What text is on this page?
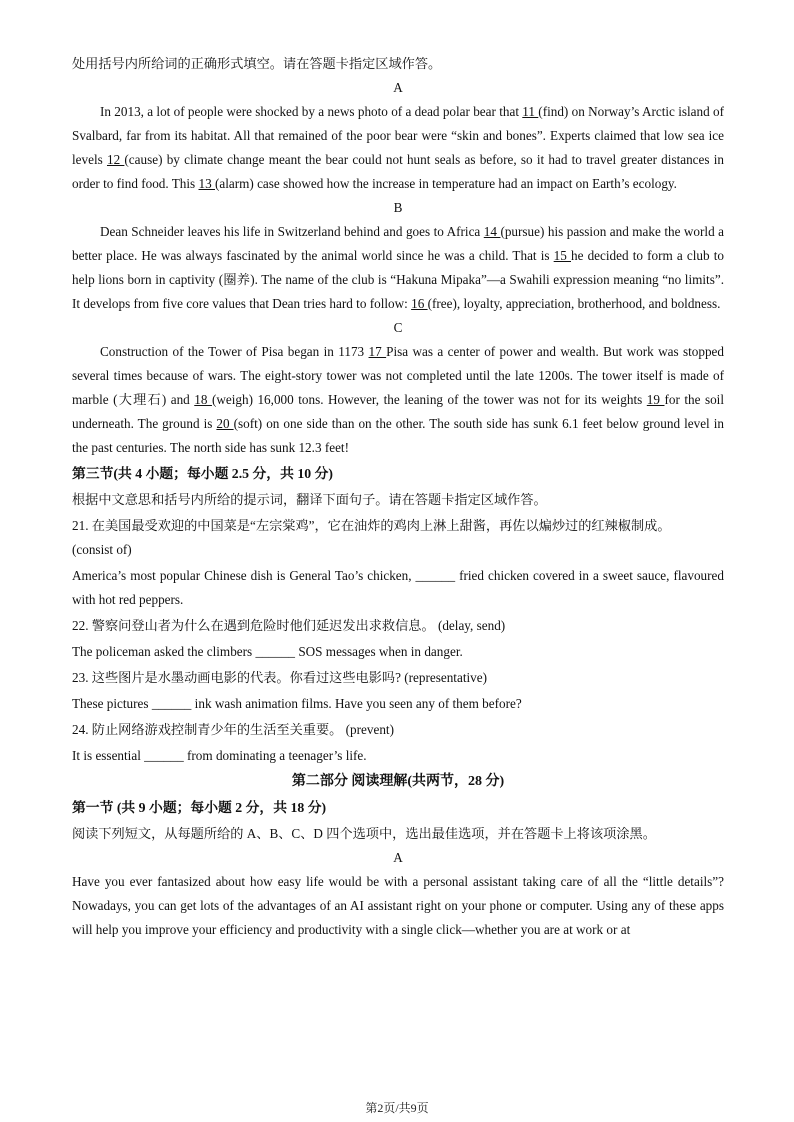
处用括号内所给词的正确形式填空。请在答题卡指定区域作答。

A

In 2013, a lot of people were shocked by a news photo of a dead polar bear that 11 (find) on Norway’s Arctic island of Svalbard, far from its habitat. All that remained of the poor bear were “skin and bones”. Experts claimed that low sea ice levels 12 (cause) by climate change meant the bear could not hunt seals as before, so it had to travel greater distances in order to find food. This 13 (alarm) case showed how the increase in temperature had an impact on Earth’s ecology.

B

Dean Schneider leaves his life in Switzerland behind and goes to Africa 14 (pursue) his passion and make the world a better place. He was always fascinated by the animal world since he was a child. That is 15 he decided to form a club to help lions born in captivity (圈养). The name of the club is “Hakuna Mipaka”—a Swahili expression meaning “no limits”. It develops from five core values that Dean tries hard to follow: 16 (free), loyalty, appreciation, brotherhood, and boldness.

C

Construction of the Tower of Pisa began in 1173 17 Pisa was a center of power and wealth. But work was stopped several times because of wars. The eight-story tower was not completed until the late 1200s. The tower itself is made of marble (大理石) and 18 (weigh) 16,000 tons. However, the leaning of the tower was not for its weights 19 for the soil underneath. The ground is 20 (soft) on one side than on the other. The south side has sunk 6.1 feet below ground level in the past centuries. The north side has sunk 12.3 feet!

第三节(共 4 小题；每小题 2.5 分，共 10 分)

根据中文意思和括号内所给的提示词，翻译下面句子。请在答题卡指定区域作答。

21. 在美国最受欢迎的中国菜是“左宗棠鸡”，它在油炸的鸡肉上淋上甜酱，再佐以煸炒过的红辣椒制成。

(consist of)

America’s most popular Chinese dish is General Tao’s chicken, ______ fried chicken covered in a sweet sauce, flavoured with hot red peppers.

22. 警察问登山者为什么在遇到危险时他们延迟发出求救信息。 (delay, send)

The policeman asked the climbers ______ SOS messages when in danger.

23. 这些图片是水墨动画电影的代表。你看过这些电影吗? (representative)

These pictures ______ ink wash animation films. Have you seen any of them before?

24. 防止网络游戏控制青少年的生活至关重要。 (prevent)

It is essential ______ from dominating a teenager’s life.

第二部分 阅读理解(共两节，28 分)

第一节 (共 9 小题；每小题 2 分，共 18 分)

阅读下列短文，从每题所给的 A、B、C、D 四个选项中，选出最佳选项，并在答题卡上将该项涂黑。

A

Have you ever fantasized about how easy life would be with a personal assistant taking care of all the “little details”? Nowadays, you can get lots of the advantages of an AI assistant right on your phone or computer. Using any of these apps will help you improve your efficiency and productivity with a single click—whether you are at work or at

第2页/共9页
